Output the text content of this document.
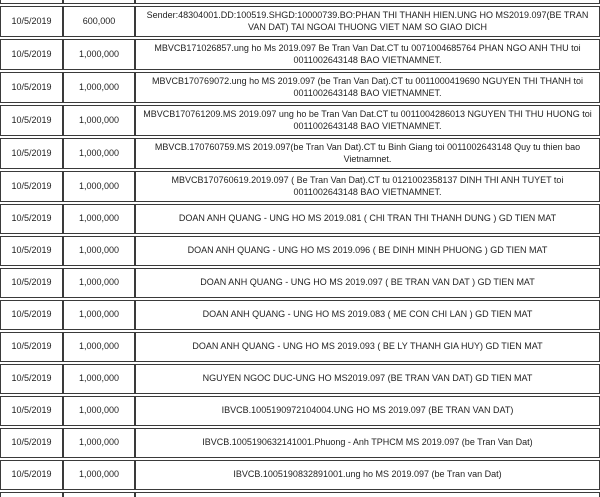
10/5/2019	600,000	Sender:48304001.DD:100519.SHGD:10000739.BO:PHAN THI THANH HIEN.UNG HO MS2019.097(BE TRAN VAN DAT) TAI NGOAI THUONG VIET NAM SO GIAO DICH
10/5/2019	1,000,000	MBVCB171026857.ung ho Ms 2019.097 Be Tran Van Dat.CT tu 0071004685764 PHAN NGO ANH THU toi 0011002643148 BAO VIETNAMNET.
10/5/2019	1,000,000	MBVCB170769072.ung ho MS 2019.097 (be Tran Van Dat).CT tu 0011000419690 NGUYEN THI THANH toi 0011002643148 BAO VIETNAMNET.
10/5/2019	1,000,000	MBVCB170761209.MS 2019.097 ung ho be Tran Van Dat.CT tu 0011004286013 NGUYEN THI THU HUONG toi 0011002643148 BAO VIETNAMNET.
10/5/2019	1,000,000	MBVCB.170760759.MS 2019.097(be Tran Van Dat).CT tu Binh Giang toi 0011002643148 Quy tu thien bao Vietnamnet.
10/5/2019	1,000,000	MBVCB170760619.2019.097 ( Be Tran Van Dat).CT tu 0121002358137 DINH THI ANH TUYET toi 0011002643148 BAO VIETNAMNET.
10/5/2019	1,000,000	DOAN ANH QUANG - UNG HO MS 2019.081 ( CHI TRAN THI THANH DUNG ) GD TIEN MAT
10/5/2019	1,000,000	DOAN ANH QUANG - UNG HO MS 2019.096 ( BE DINH MINH PHUONG ) GD TIEN MAT
10/5/2019	1,000,000	DOAN ANH QUANG - UNG HO MS 2019.097 ( BE TRAN VAN DAT ) GD TIEN MAT
10/5/2019	1,000,000	DOAN ANH QUANG - UNG HO MS 2019.083 ( ME CON CHI LAN ) GD TIEN MAT
10/5/2019	1,000,000	DOAN ANH QUANG - UNG HO MS 2019.093 ( BE LY THANH GIA HUY) GD TIEN MAT
10/5/2019	1,000,000	NGUYEN NGOC DUC-UNG HO MS2019.097 (BE TRAN VAN DAT) GD TIEN MAT
10/5/2019	1,000,000	IBVCB.1005190972104004.UNG HO MS 2019.097 (BE TRAN VAN DAT)
10/5/2019	1,000,000	IBVCB.1005190632141001.Phuong - Anh TPHCM MS 2019.097 (be Tran Van Dat)
10/5/2019	1,000,000	IBVCB.1005190832891001.ung ho MS 2019.097 (be Tran van Dat)
